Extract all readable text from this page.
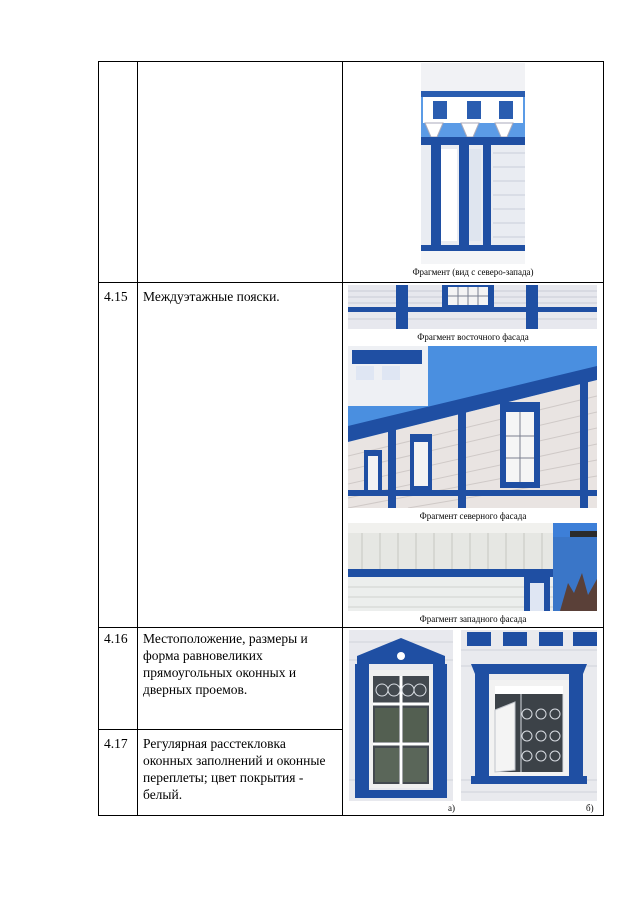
Фрагмент (вид с северо-запада)
4.15 Междуэтажные пояски.
Фрагмент восточного фасада
Фрагмент северного фасада
Фрагмент западного фасада
4.16 Местоположение, размеры и форма равновеликих прямоугольных оконных и дверных проемов.
4.17 Регулярная расстекловка оконных заполнений и оконные переплеты; цвет покрытия - белый.
а)	б)
